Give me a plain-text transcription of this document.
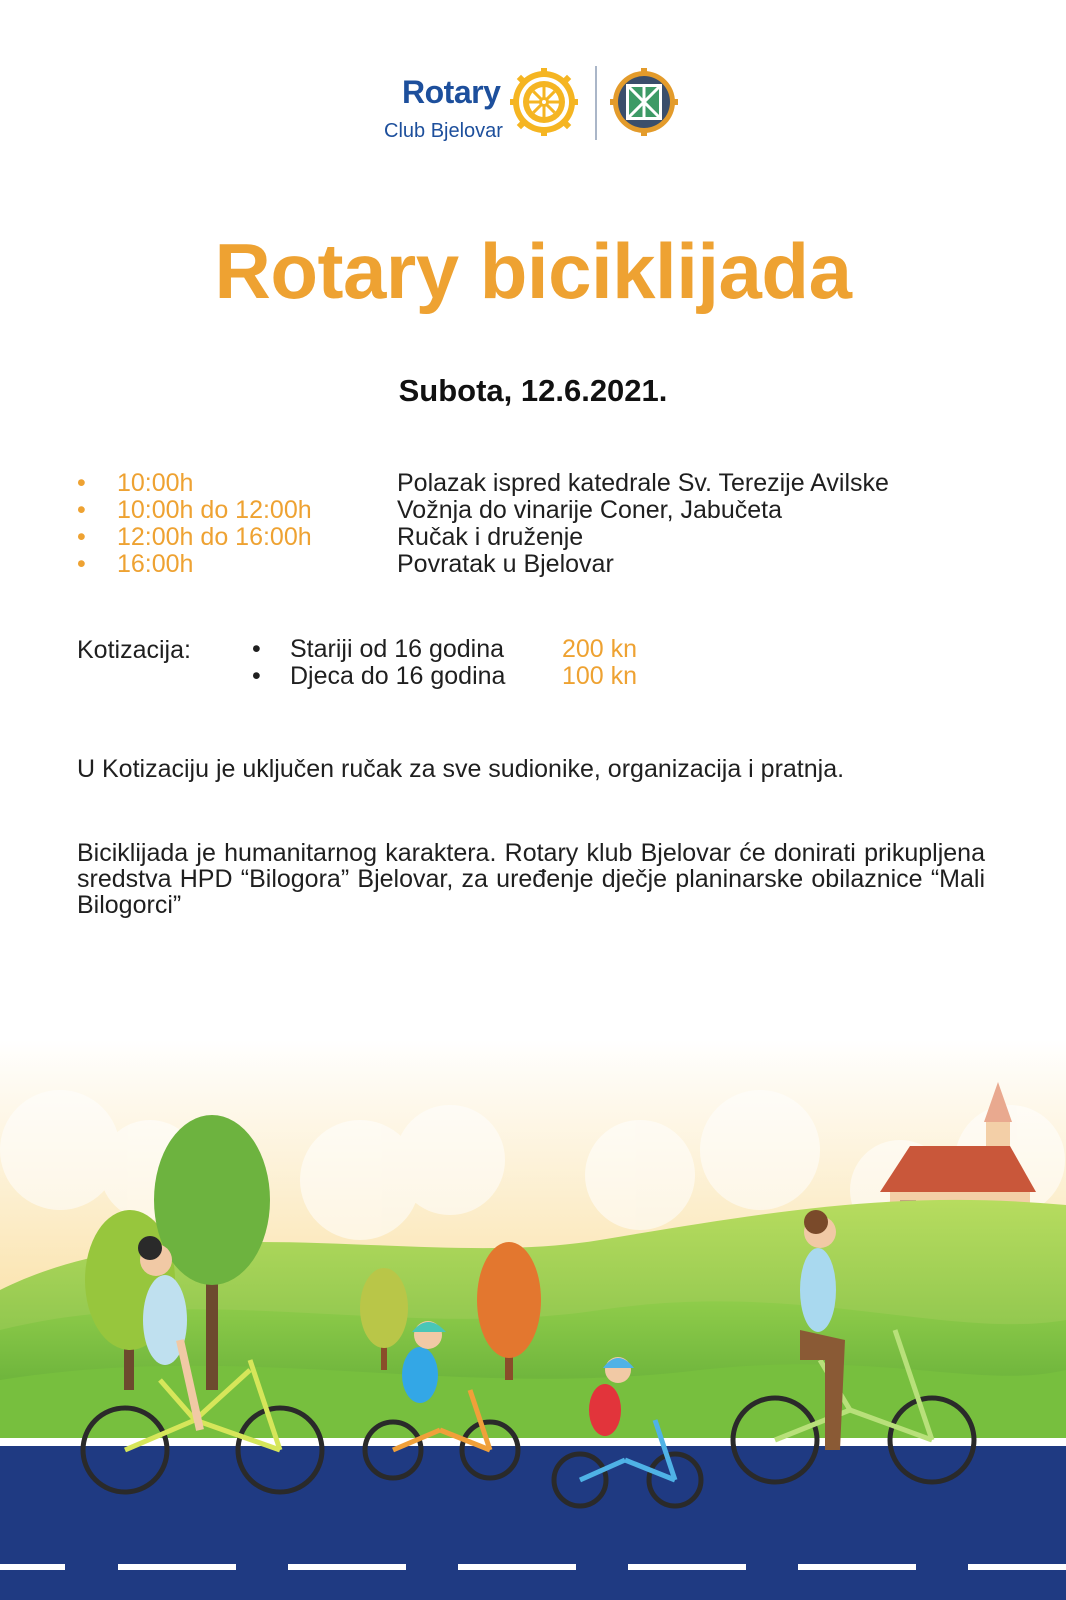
Rotary
Club Bjelovar
Rotary biciklijada
Subota, 12.6.2021.
• 10:00h	Polazak ispred katedrale Sv. Terezije Avilske
• 10:00h do 12:00h	Vožnja do vinarije Coner, Jabučeta
• 12:00h do 16:00h	Ručak i druženje
• 16:00h	Povratak u Bjelovar
Kotizacija: • Stariji od 16 godina 200 kn
• Djeca do 16 godina 100 kn
U Kotizaciju je uključen ručak za sve sudionike, organizacija i pratnja.
Biciklijada je humanitarnog karaktera. Rotary klub Bjelovar će donirati prikupljena sredstva HPD “Bilogora” Bjelovar, za uređenje dječje planinarske obilaznice “Mali Bilogorci”
